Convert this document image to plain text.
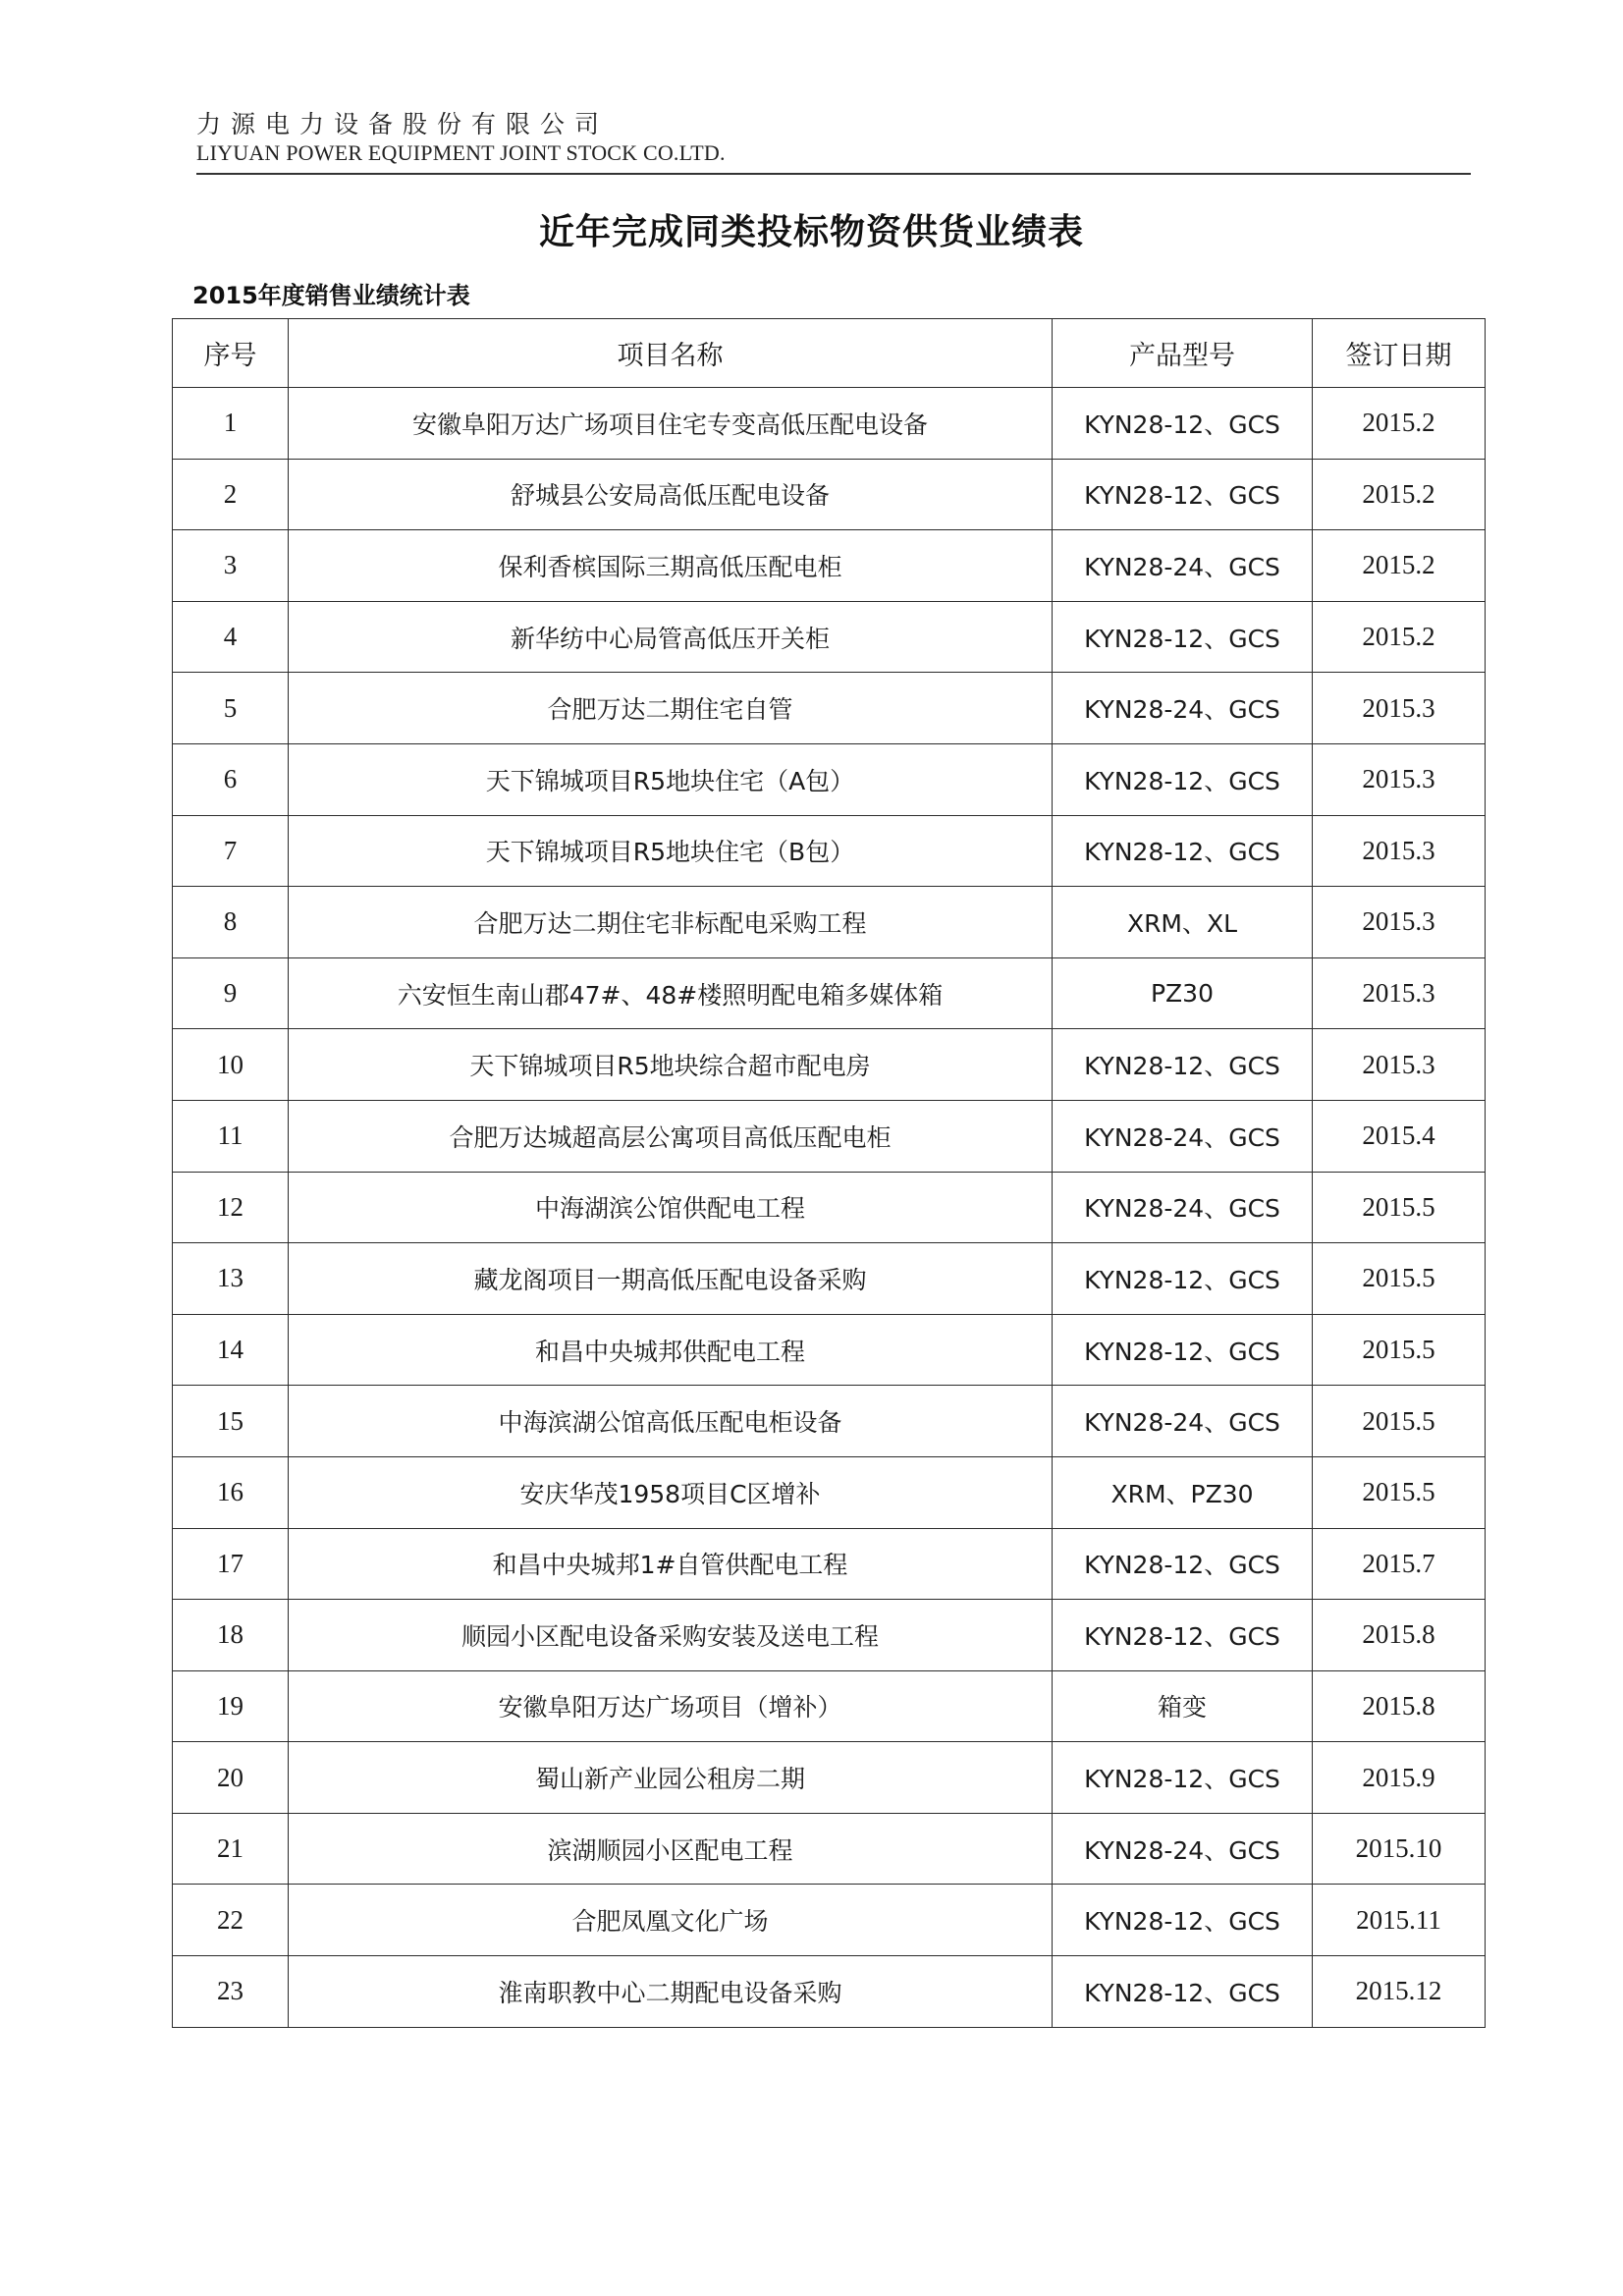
力源电力设备股份有限公司
LIYUAN POWER EQUIPMENT JOINT STOCK CO.LTD.
近年完成同类投标物资供货业绩表
2015年度销售业绩统计表
序号	项目名称	产品型号	签订日期
1	安徽阜阳万达广场项目住宅专变高低压配电设备	KYN28-12、GCS	2015.2
2	舒城县公安局高低压配电设备	KYN28-12、GCS	2015.2
3	保利香槟国际三期高低压配电柜	KYN28-24、GCS	2015.2
4	新华纺中心局管高低压开关柜	KYN28-12、GCS	2015.2
5	合肥万达二期住宅自管	KYN28-24、GCS	2015.3
6	天下锦城项目R5地块住宅（A包）	KYN28-12、GCS	2015.3
7	天下锦城项目R5地块住宅（B包）	KYN28-12、GCS	2015.3
8	合肥万达二期住宅非标配电采购工程	XRM、XL	2015.3
9	六安恒生南山郡47#、48#楼照明配电箱多媒体箱	PZ30	2015.3
10	天下锦城项目R5地块综合超市配电房	KYN28-12、GCS	2015.3
11	合肥万达城超高层公寓项目高低压配电柜	KYN28-24、GCS	2015.4
12	中海湖滨公馆供配电工程	KYN28-24、GCS	2015.5
13	藏龙阁项目一期高低压配电设备采购	KYN28-12、GCS	2015.5
14	和昌中央城邦供配电工程	KYN28-12、GCS	2015.5
15	中海滨湖公馆高低压配电柜设备	KYN28-24、GCS	2015.5
16	安庆华茂1958项目C区增补	XRM、PZ30	2015.5
17	和昌中央城邦1#自管供配电工程	KYN28-12、GCS	2015.7
18	顺园小区配电设备采购安装及送电工程	KYN28-12、GCS	2015.8
19	安徽阜阳万达广场项目（增补）	箱变	2015.8
20	蜀山新产业园公租房二期	KYN28-12、GCS	2015.9
21	滨湖顺园小区配电工程	KYN28-24、GCS	2015.10
22	合肥凤凰文化广场	KYN28-12、GCS	2015.11
23	淮南职教中心二期配电设备采购	KYN28-12、GCS	2015.12
